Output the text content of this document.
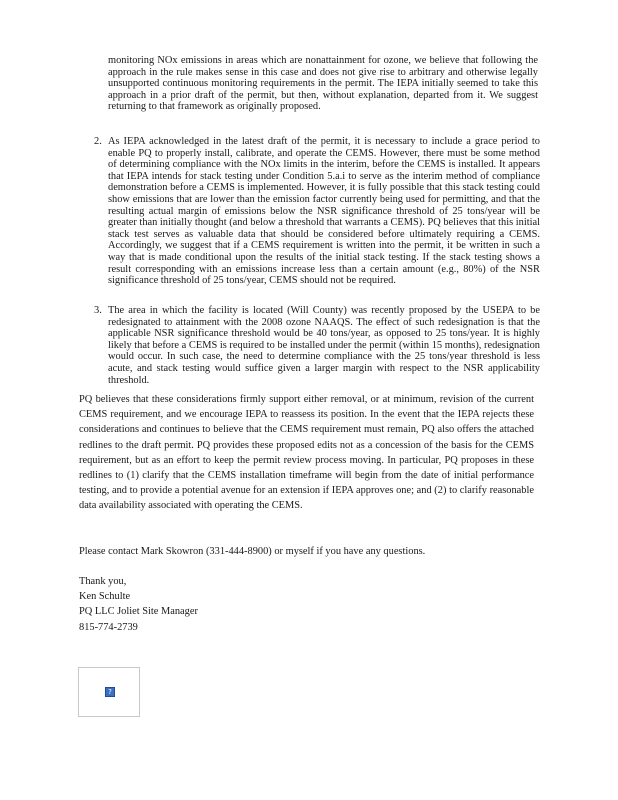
monitoring NOx emissions in areas which are nonattainment for ozone, we believe that following the approach in the rule makes sense in this case and does not give rise to arbitrary and otherwise legally unsupported continuous monitoring requirements in the permit. The IEPA initially seemed to take this approach in a prior draft of the permit, but then, without explanation, departed from it. We suggest returning to that framework as originally proposed.

2. As IEPA acknowledged in the latest draft of the permit, it is necessary to include a grace period to enable PQ to properly install, calibrate, and operate the CEMS. However, there must be some method of determining compliance with the NOx limits in the interim, before the CEMS is installed. It appears that IEPA intends for stack testing under Condition 5.a.i to serve as the interim method of compliance demonstration before a CEMS is implemented. However, it is fully possible that this stack testing could show emissions that are lower than the emission factor currently being used for permitting, and that the resulting actual margin of emissions below the NSR significance threshold of 25 tons/year will be greater than initially thought (and below a threshold that warrants a CEMS). PQ believes that this initial stack test serves as valuable data that should be considered before ultimately requiring a CEMS. Accordingly, we suggest that if a CEMS requirement is written into the permit, it be written in such a way that is made conditional upon the results of the initial stack testing. If the stack testing shows a result corresponding with an emissions increase less than a certain amount (e.g., 80%) of the NSR significance threshold of 25 tons/year, CEMS should not be required.
3. The area in which the facility is located (Will County) was recently proposed by the USEPA to be redesignated to attainment with the 2008 ozone NAAQS. The effect of such redesignation is that the applicable NSR significance threshold would be 40 tons/year, as opposed to 25 tons/year. It is highly likely that before a CEMS is required to be installed under the permit (within 15 months), redesignation would occur. In such case, the need to determine compliance with the 25 tons/year threshold is less acute, and stack testing would suffice given a larger margin with respect to the NSR applicability threshold.

PQ believes that these considerations firmly support either removal, or at minimum, revision of the current CEMS requirement, and we encourage IEPA to reassess its position. In the event that the IEPA rejects these considerations and continues to believe that the CEMS requirement must remain, PQ also offers the attached redlines to the draft permit. PQ provides these proposed edits not as a concession of the basis for the CEMS requirement, but as an effort to keep the permit review process moving. In particular, PQ proposes in these redlines to (1) clarify that the CEMS installation timeframe will begin from the date of initial performance testing, and to provide a potential avenue for an extension if IEPA approves one; and (2) to clarify reasonable data availability associated with operating the CEMS.

Please contact Mark Skowron (331-444-8900) or myself if you have any questions.

Thank you,
Ken Schulte
PQ LLC Joliet Site Manager
815-774-2739
?
